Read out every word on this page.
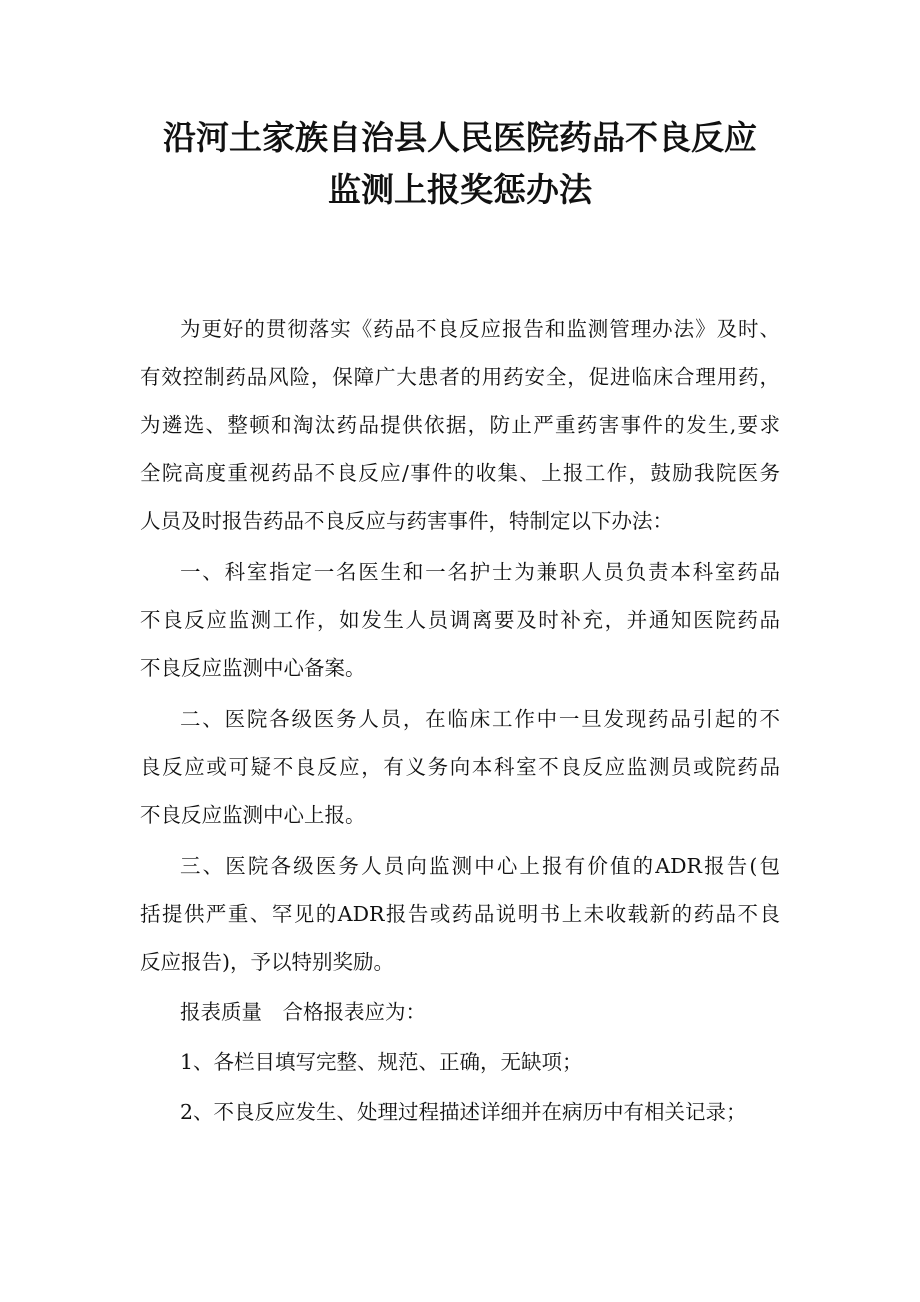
沿河土家族自治县人民医院药品不良反应
监测上报奖惩办法

为更好的贯彻落实《药品不良反应报告和监测管理办法》及时、

有效控制药品风险，保障广大患者的用药安全，促进临床合理用药，

为遴选、整顿和淘汰药品提供依据，防止严重药害事件的发生,要求

全院高度重视药品不良反应/事件的收集、上报工作，鼓励我院医务

人员及时报告药品不良反应与药害事件，特制定以下办法：

一、科室指定一名医生和一名护士为兼职人员负责本科室药品

不良反应监测工作，如发生人员调离要及时补充，并通知医院药品

不良反应监测中心备案。

二、医院各级医务人员，在临床工作中一旦发现药品引起的不

良反应或可疑不良反应，有义务向本科室不良反应监测员或院药品

不良反应监测中心上报。

三、医院各级医务人员向监测中心上报有价值的ADR报告(包

括提供严重、罕见的ADR报告或药品说明书上未收载新的药品不良

反应报告)，予以特别奖励。

报表质量　合格报表应为：

1、各栏目填写完整、规范、正确，无缺项；

2、不良反应发生、处理过程描述详细并在病历中有相关记录；
